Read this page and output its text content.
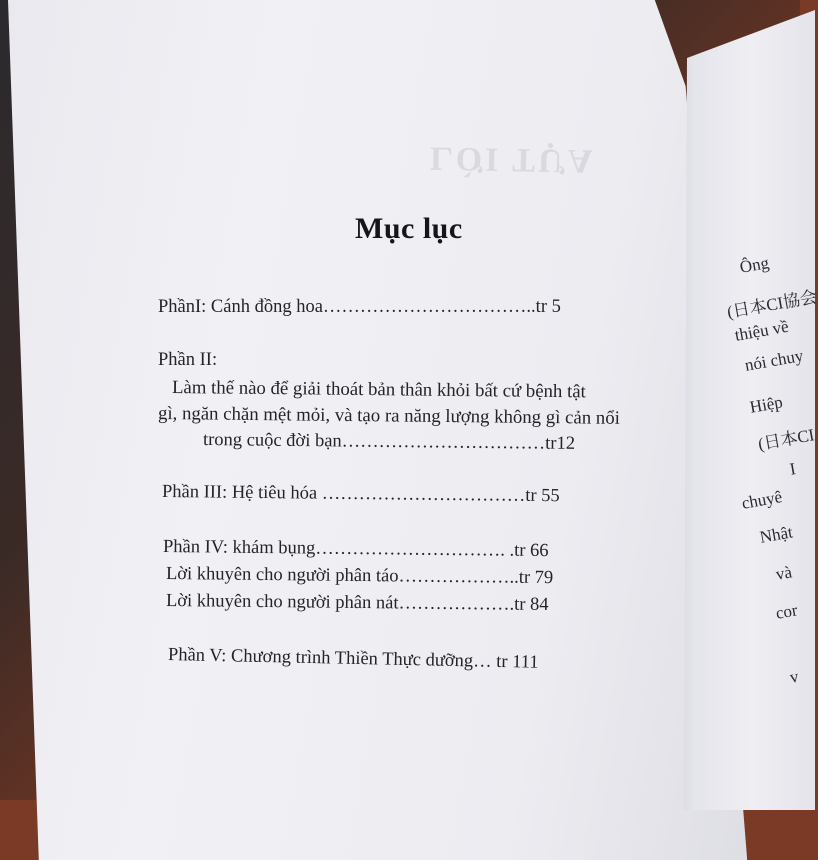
LỜI TỰA
Mục lục
PhầnI: Cánh đồng hoa……………………………..tr 5
Phần II:
Làm thế nào để giải thoát bản thân khỏi bất cứ bệnh tật
gì, ngăn chặn mệt mỏi, và tạo ra năng lượng không gì cản nổi
trong cuộc đời bạn……………………………tr12
Phần III: Hệ tiêu hóa ……………………………tr 55
Phần IV: khám bụng…………………………. .tr 66
Lời khuyên cho người phân táo………………..tr 79
Lời khuyên cho người phân nát……………….tr 84
Phần V: Chương trình Thiền Thực dưỡng… tr 111
Ông
(日本CI協会
thiệu về
nói chuy
Hiệp
(日本CI
I
chuyê
Nhật
và
cor
v
